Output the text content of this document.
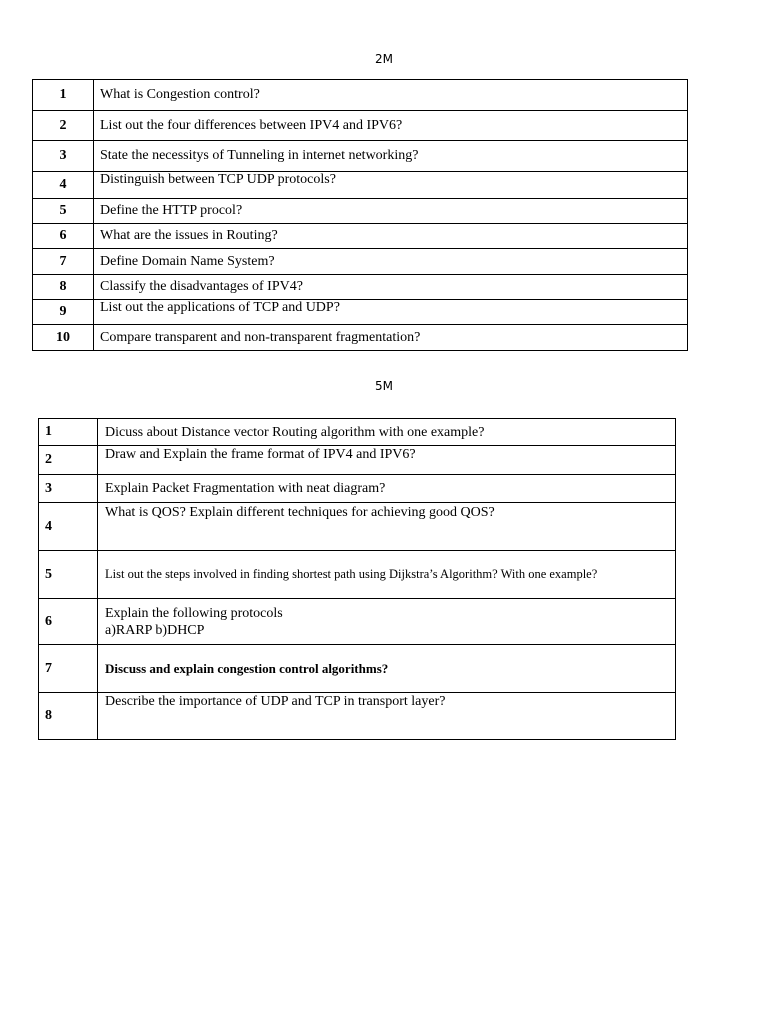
2M
1	What is Congestion control?
2	List out the four differences between IPV4 and IPV6?
3	State the necessitys of Tunneling in internet networking?
4	Distinguish between TCP UDP protocols?
5	Define the HTTP procol?
6	What are the issues in Routing?
7	Define Domain Name System?
8	Classify the disadvantages of IPV4?
9	List out the applications of TCP and UDP?
10	Compare transparent and non-transparent fragmentation?
5M
1	Dicuss about Distance vector Routing algorithm with one example?
2	Draw and Explain the frame format of IPV4 and IPV6?
3	Explain Packet Fragmentation with neat diagram?
4	What is QOS? Explain different techniques for achieving good QOS?
5	List out the steps involved in finding shortest path using Dijkstra’s Algorithm? With one example?
6	Explain the following protocols
a)RARP b)DHCP

7	Discuss and explain congestion control algorithms?
8	Describe the importance of UDP and TCP in transport layer?
